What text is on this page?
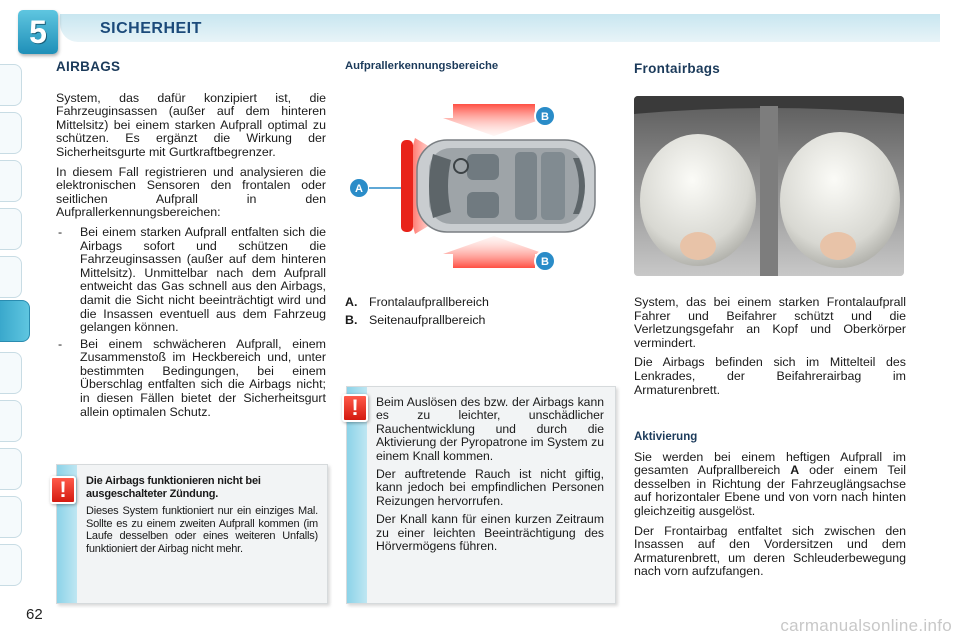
5	SICHERHEIT
AIRBAGS

System, das dafür konzipiert ist, die Fahrzeuginsassen (außer auf dem hinteren Mittelsitz) bei einem starken Aufprall optimal zu schützen. Es ergänzt die Wirkung der Sicherheitsgurte mit Gurtkraftbegrenzer.

In diesem Fall registrieren und analysieren die elektronischen Sensoren den frontalen oder seitlichen Aufprall in den Aufprallerkennungsbereichen:

- Bei einem starken Aufprall entfalten sich die Airbags sofort und schützen die Fahrzeuginsassen (außer auf dem hinteren Mittelsitz). Unmittelbar nach dem Aufprall entweicht das Gas schnell aus den Airbags, damit die Sicht nicht beeinträchtigt wird und die Insassen eventuell aus dem Fahrzeug gelangen können.
- Bei einem schwächeren Aufprall, einem Zusammenstoß im Heckbereich und, unter bestimmten Bedingungen, bei einem Überschlag entfalten sich die Airbags nicht; in diesen Fällen bietet der Sicherheitsgurt allein optimalen Schutz.
! Die Airbags funktionieren nicht bei ausgeschalteter Zündung.

Dieses System funktioniert nur ein einziges Mal. Sollte es zu einem zweiten Aufprall kommen (im Laufe desselben oder eines weiteren Unfalls) funktioniert der Airbag nicht mehr.

Aufprallerkennungsbereiche
A
B
B
A. Frontalaufprallbereich
B. Seitenaufprallbereich
! Beim Auslösen des bzw. der Airbags kann es zu leichter, unschädlicher Rauchentwicklung und durch die Aktivierung der Pyropatrone im System zu einem Knall kommen.

Der auftretende Rauch ist nicht giftig, kann jedoch bei empfindlichen Personen Reizungen hervorrufen.

Der Knall kann für einen kurzen Zeitraum zu einer leichten Beeinträchtigung des Hörvermögens führen.

Frontairbags

System, das bei einem starken Frontalaufprall Fahrer und Beifahrer schützt und die Verletzungsgefahr an Kopf und Oberkörper vermindert.

Die Airbags befinden sich im Mittelteil des Lenkrades, der Beifahrerairbag im Armaturenbrett.

Aktivierung

Sie werden bei einem heftigen Aufprall im gesamten Aufprallbereich A oder einem Teil desselben in Richtung der Fahrzeuglängsachse auf horizontaler Ebene und von vorn nach hinten gleichzeitig ausgelöst.

Der Frontairbag entfaltet sich zwischen den Insassen auf den Vordersitzen und dem Armaturenbrett, um deren Schleuderbewegung nach vorn aufzufangen.

62
carmanualsonline.info
